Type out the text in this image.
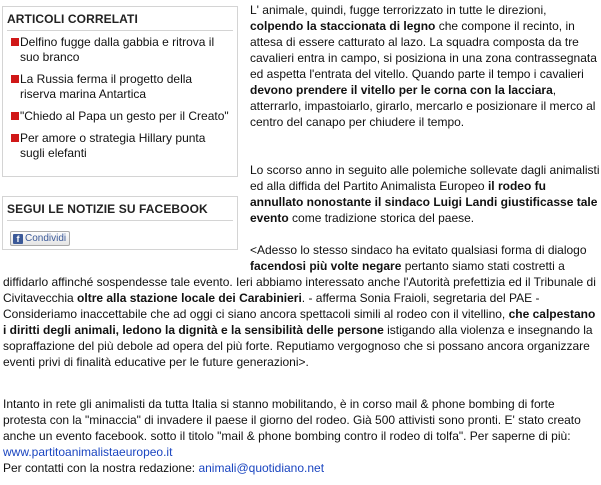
ARTICOLI CORRELATI
Delfino fugge dalla gabbia e ritrova il suo branco
La Russia ferma il progetto della riserva marina Antartica
"Chiedo al Papa un gesto per il Creato"
Per amore o strategia Hillary punta sugli elefanti
SEGUI LE NOTIZIE SU FACEBOOK
f Condividi

L' animale, quindi, fugge terrorizzato in tutte le direzioni, colpendo la staccionata di legno che compone il recinto, in attesa di essere catturato al lazo. La squadra composta da tre cavalieri entra in campo, si posiziona in una zona contrassegnata ed aspetta l'entrata del vitello. Quando parte il tempo i cavalieri devono prendere il vitello per le corna con la lacciara, atterrarlo, impastoiarlo, girarlo, mercarlo e posizionare il merco al centro del canapo per chiudere il tempo.

Lo scorso anno in seguito alle polemiche sollevate dagli animalisti ed alla diffida del Partito Animalista Europeo il rodeo fu annullato nonostante il sindaco Luigi Landi giustificasse tale evento come tradizione storica del paese.

<Adesso lo stesso sindaco ha evitato qualsiasi forma di dialogo facendosi più volte negare pertanto siamo stati costretti a

diffidarlo affinché sospendesse tale evento. Ieri abbiamo interessato anche l'Autorità prefettizia ed il Tribunale di Civitavecchia oltre alla stazione locale dei Carabinieri. - afferma Sonia Fraioli, segretaria del PAE - Consideriamo inaccettabile che ad oggi ci siano ancora spettacoli simili al rodeo con il vitellino, che calpestano i diritti degli animali, ledono la dignità e la sensibilità delle persone istigando alla violenza e insegnando la sopraffazione del più debole ad opera del più forte. Reputiamo vergognoso che si possano ancora organizzare eventi privi di finalità educative per le future generazioni>.

Intanto in rete gli animalisti da tutta Italia si stanno mobilitando, è in corso mail & phone bombing di forte protesta con la "minaccia" di invadere il paese il giorno del rodeo. Già 500 attivisti sono pronti. E' stato creato anche un evento facebook. sotto il titolo "mail & phone bombing contro il rodeo di tolfa". Per saperne di più:
www.partitoanimalistaeuropeo.it
Per contatti con la nostra redazione: animali@quotidiano.net
